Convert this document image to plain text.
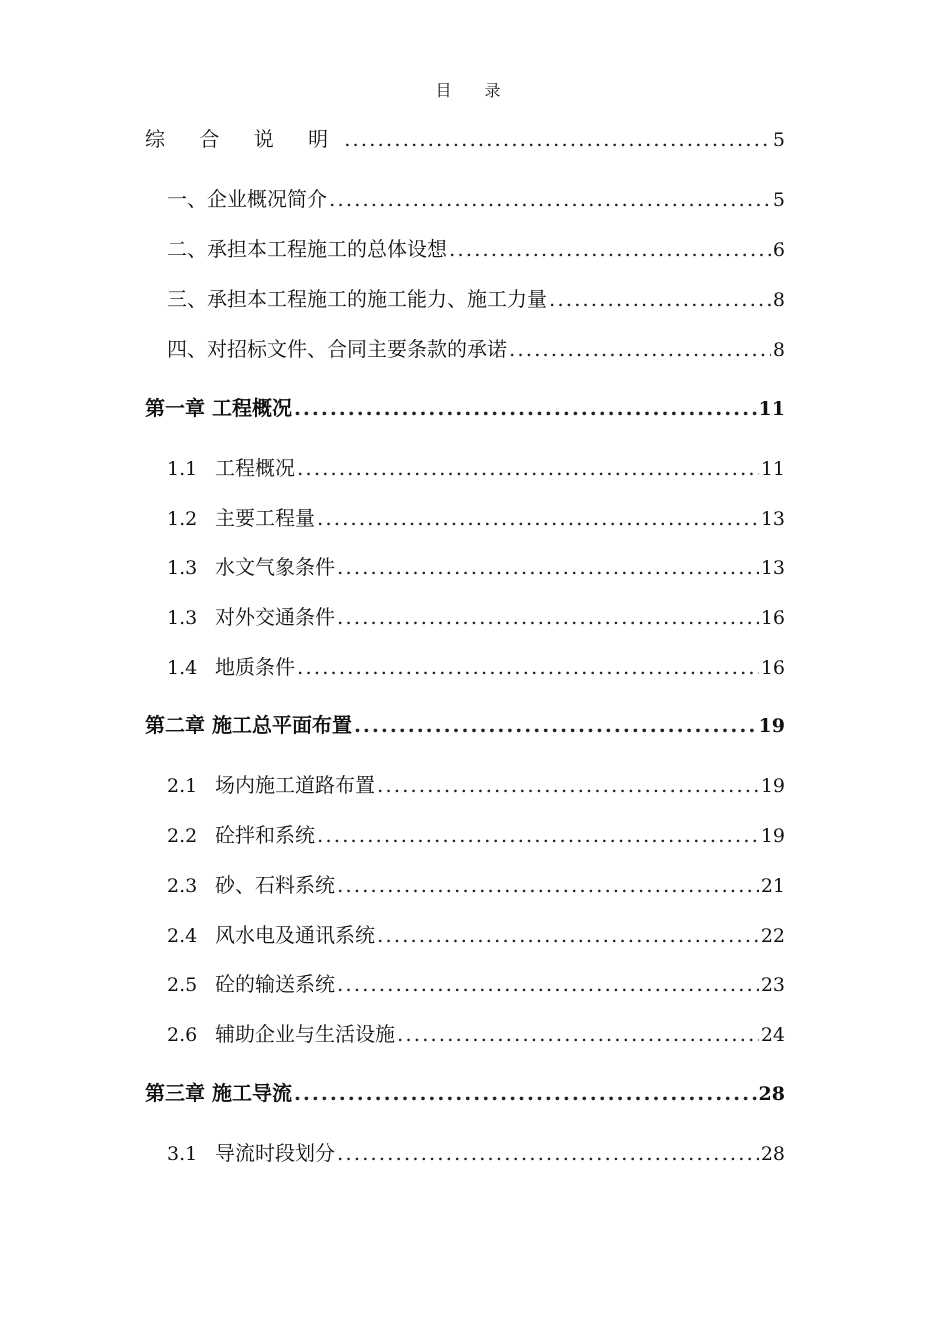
目 录
综 合 说 明 .....	5
一、企业概况简介 .....	5
二、承担本工程施工的总体设想 .....	6
三、承担本工程施工的施工能力、施工力量 .....	8
四、对招标文件、合同主要条款的承诺 .....	8
第一章 工程概况 .....	11
1.1 工程概况 .....	11
1.2 主要工程量 .....	13
1.3 水文气象条件 .....	13
1.3 对外交通条件 .....	16
1.4 地质条件 .....	16
第二章 施工总平面布置 .....	19
2.1 场内施工道路布置 .....	19
2.2 砼拌和系统 .....	19
2.3 砂、石料系统 .....	21
2.4 风水电及通讯系统 .....	22
2.5 砼的输送系统 .....	23
2.6 辅助企业与生活设施 .....	24
第三章 施工导流 .....	28
3.1 导流时段划分 .....	28
